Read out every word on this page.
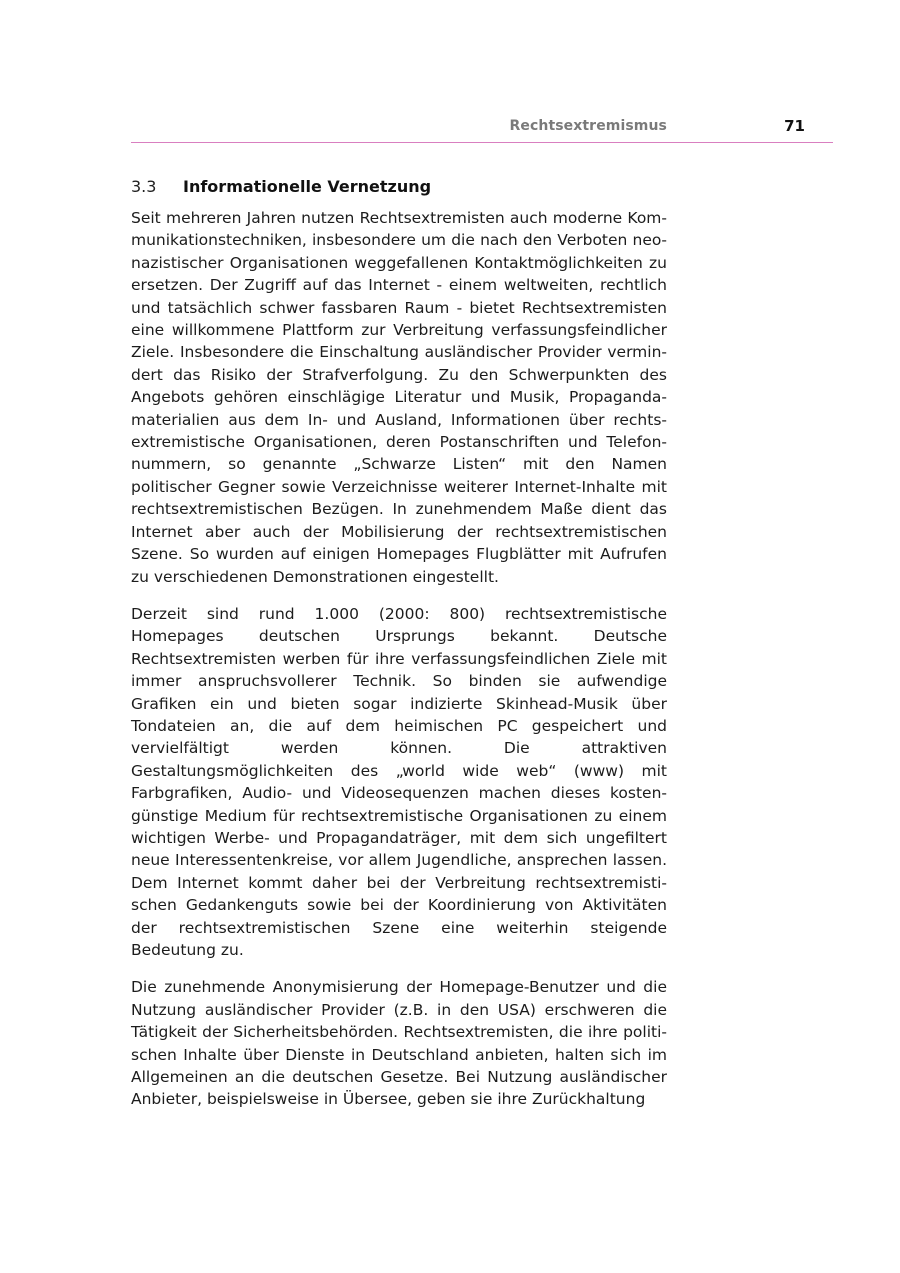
Rechtsextremismus	71
3.3 Informationelle Vernetzung

Seit mehreren Jahren nutzen Rechtsextremisten auch moderne Kommunikationstechniken, insbesondere um die nach den Verboten neonazistischer Organisationen weggefallenen Kontaktmöglichkeiten zu ersetzen. Der Zugriff auf das Internet - einem weltweiten, rechtlich und tatsächlich schwer fassbaren Raum - bietet Rechtsextremisten eine willkommene Plattform zur Verbreitung verfassungsfeindlicher Ziele. Insbesondere die Einschaltung ausländischer Provider vermindert das Risiko der Strafverfolgung. Zu den Schwerpunkten des Angebots gehören einschlägige Literatur und Musik, Propagandamaterialien aus dem In- und Ausland, Informationen über rechtsextremistische Organisationen, deren Postanschriften und Telefonnummern, so genannte „Schwarze Listen“ mit den Namen politischer Gegner sowie Verzeichnisse weiterer Internet-Inhalte mit rechtsextremistischen Bezügen. In zunehmendem Maße dient das Internet aber auch der Mobilisierung der rechtsextremistischen Szene. So wurden auf einigen Homepages Flugblätter mit Aufrufen zu verschiedenen Demonstrationen eingestellt.

Derzeit sind rund 1.000 (2000: 800) rechtsextremistische Homepages deutschen Ursprungs bekannt. Deutsche Rechtsextremisten werben für ihre verfassungsfeindlichen Ziele mit immer anspruchsvollerer Technik. So binden sie aufwendige Grafiken ein und bieten sogar indizierte Skinhead-Musik über Tondateien an, die auf dem heimischen PC gespeichert und vervielfältigt werden können. Die attraktiven Gestaltungsmöglichkeiten des „world wide web“ (www) mit Farbgrafiken, Audio- und Videosequenzen machen dieses kostengünstige Medium für rechtsextremistische Organisationen zu einem wichtigen Werbe- und Propagandaträger, mit dem sich ungefiltert neue Interessentenkreise, vor allem Jugendliche, ansprechen lassen. Dem Internet kommt daher bei der Verbreitung rechtsextremistischen Gedankenguts sowie bei der Koordinierung von Aktivitäten der rechtsextremistischen Szene eine weiterhin steigende Bedeutung zu.

Die zunehmende Anonymisierung der Homepage-Benutzer und die Nutzung ausländischer Provider (z.B. in den USA) erschweren die Tätigkeit der Sicherheitsbehörden. Rechtsextremisten, die ihre politischen Inhalte über Dienste in Deutschland anbieten, halten sich im Allgemeinen an die deutschen Gesetze. Bei Nutzung ausländischer Anbieter, beispielsweise in Übersee, geben sie ihre Zurückhaltung
